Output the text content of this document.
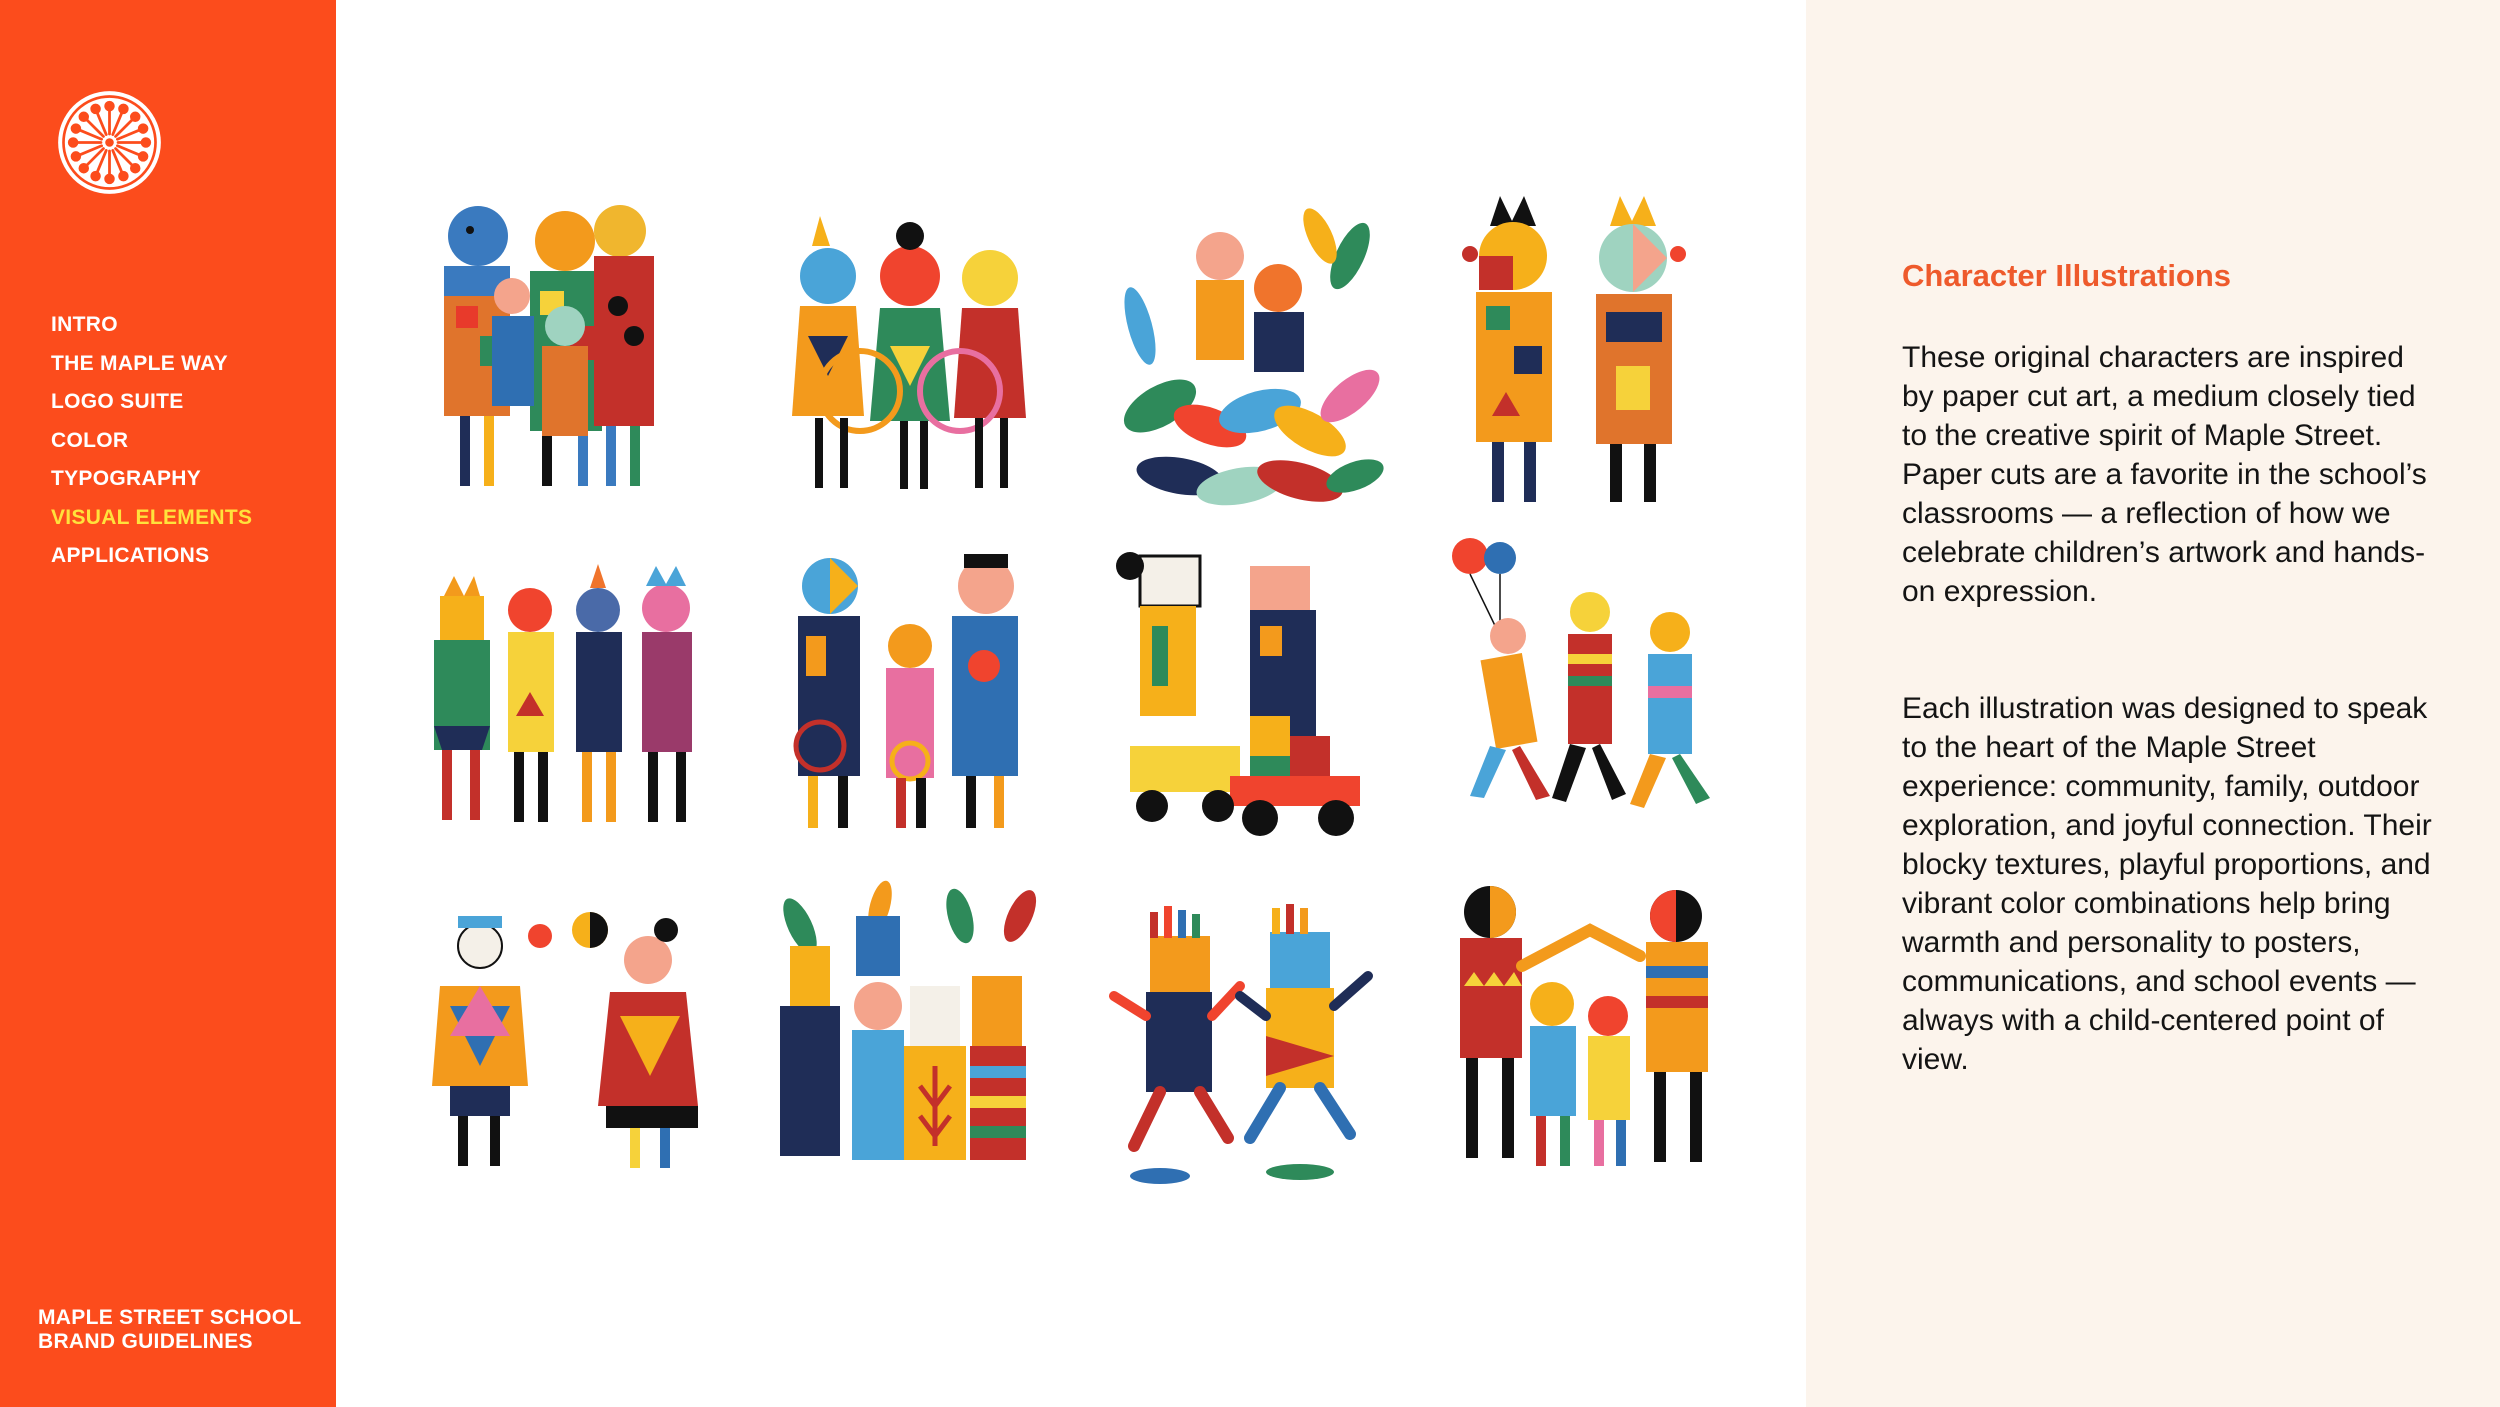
INTRO
THE MAPLE WAY
LOGO SUITE
COLOR
TYPOGRAPHY
VISUAL ELEMENTS
APPLICATIONS
MAPLE STREET SCHOOL
BRAND GUIDELINES
Character Illustrations

These original characters are inspired by paper cut art, a medium closely tied to the creative spirit of Maple Street. Paper cuts are a favorite in the school’s classrooms — a reflection of how we celebrate children’s artwork and hands-on expression.

Each illustration was designed to speak to the heart of the Maple Street experience: community, family, outdoor exploration, and joyful connection. Their blocky textures, playful proportions, and vibrant color combinations help bring warmth and personality to posters, communications, and school events — always with a child-centered point of view.
